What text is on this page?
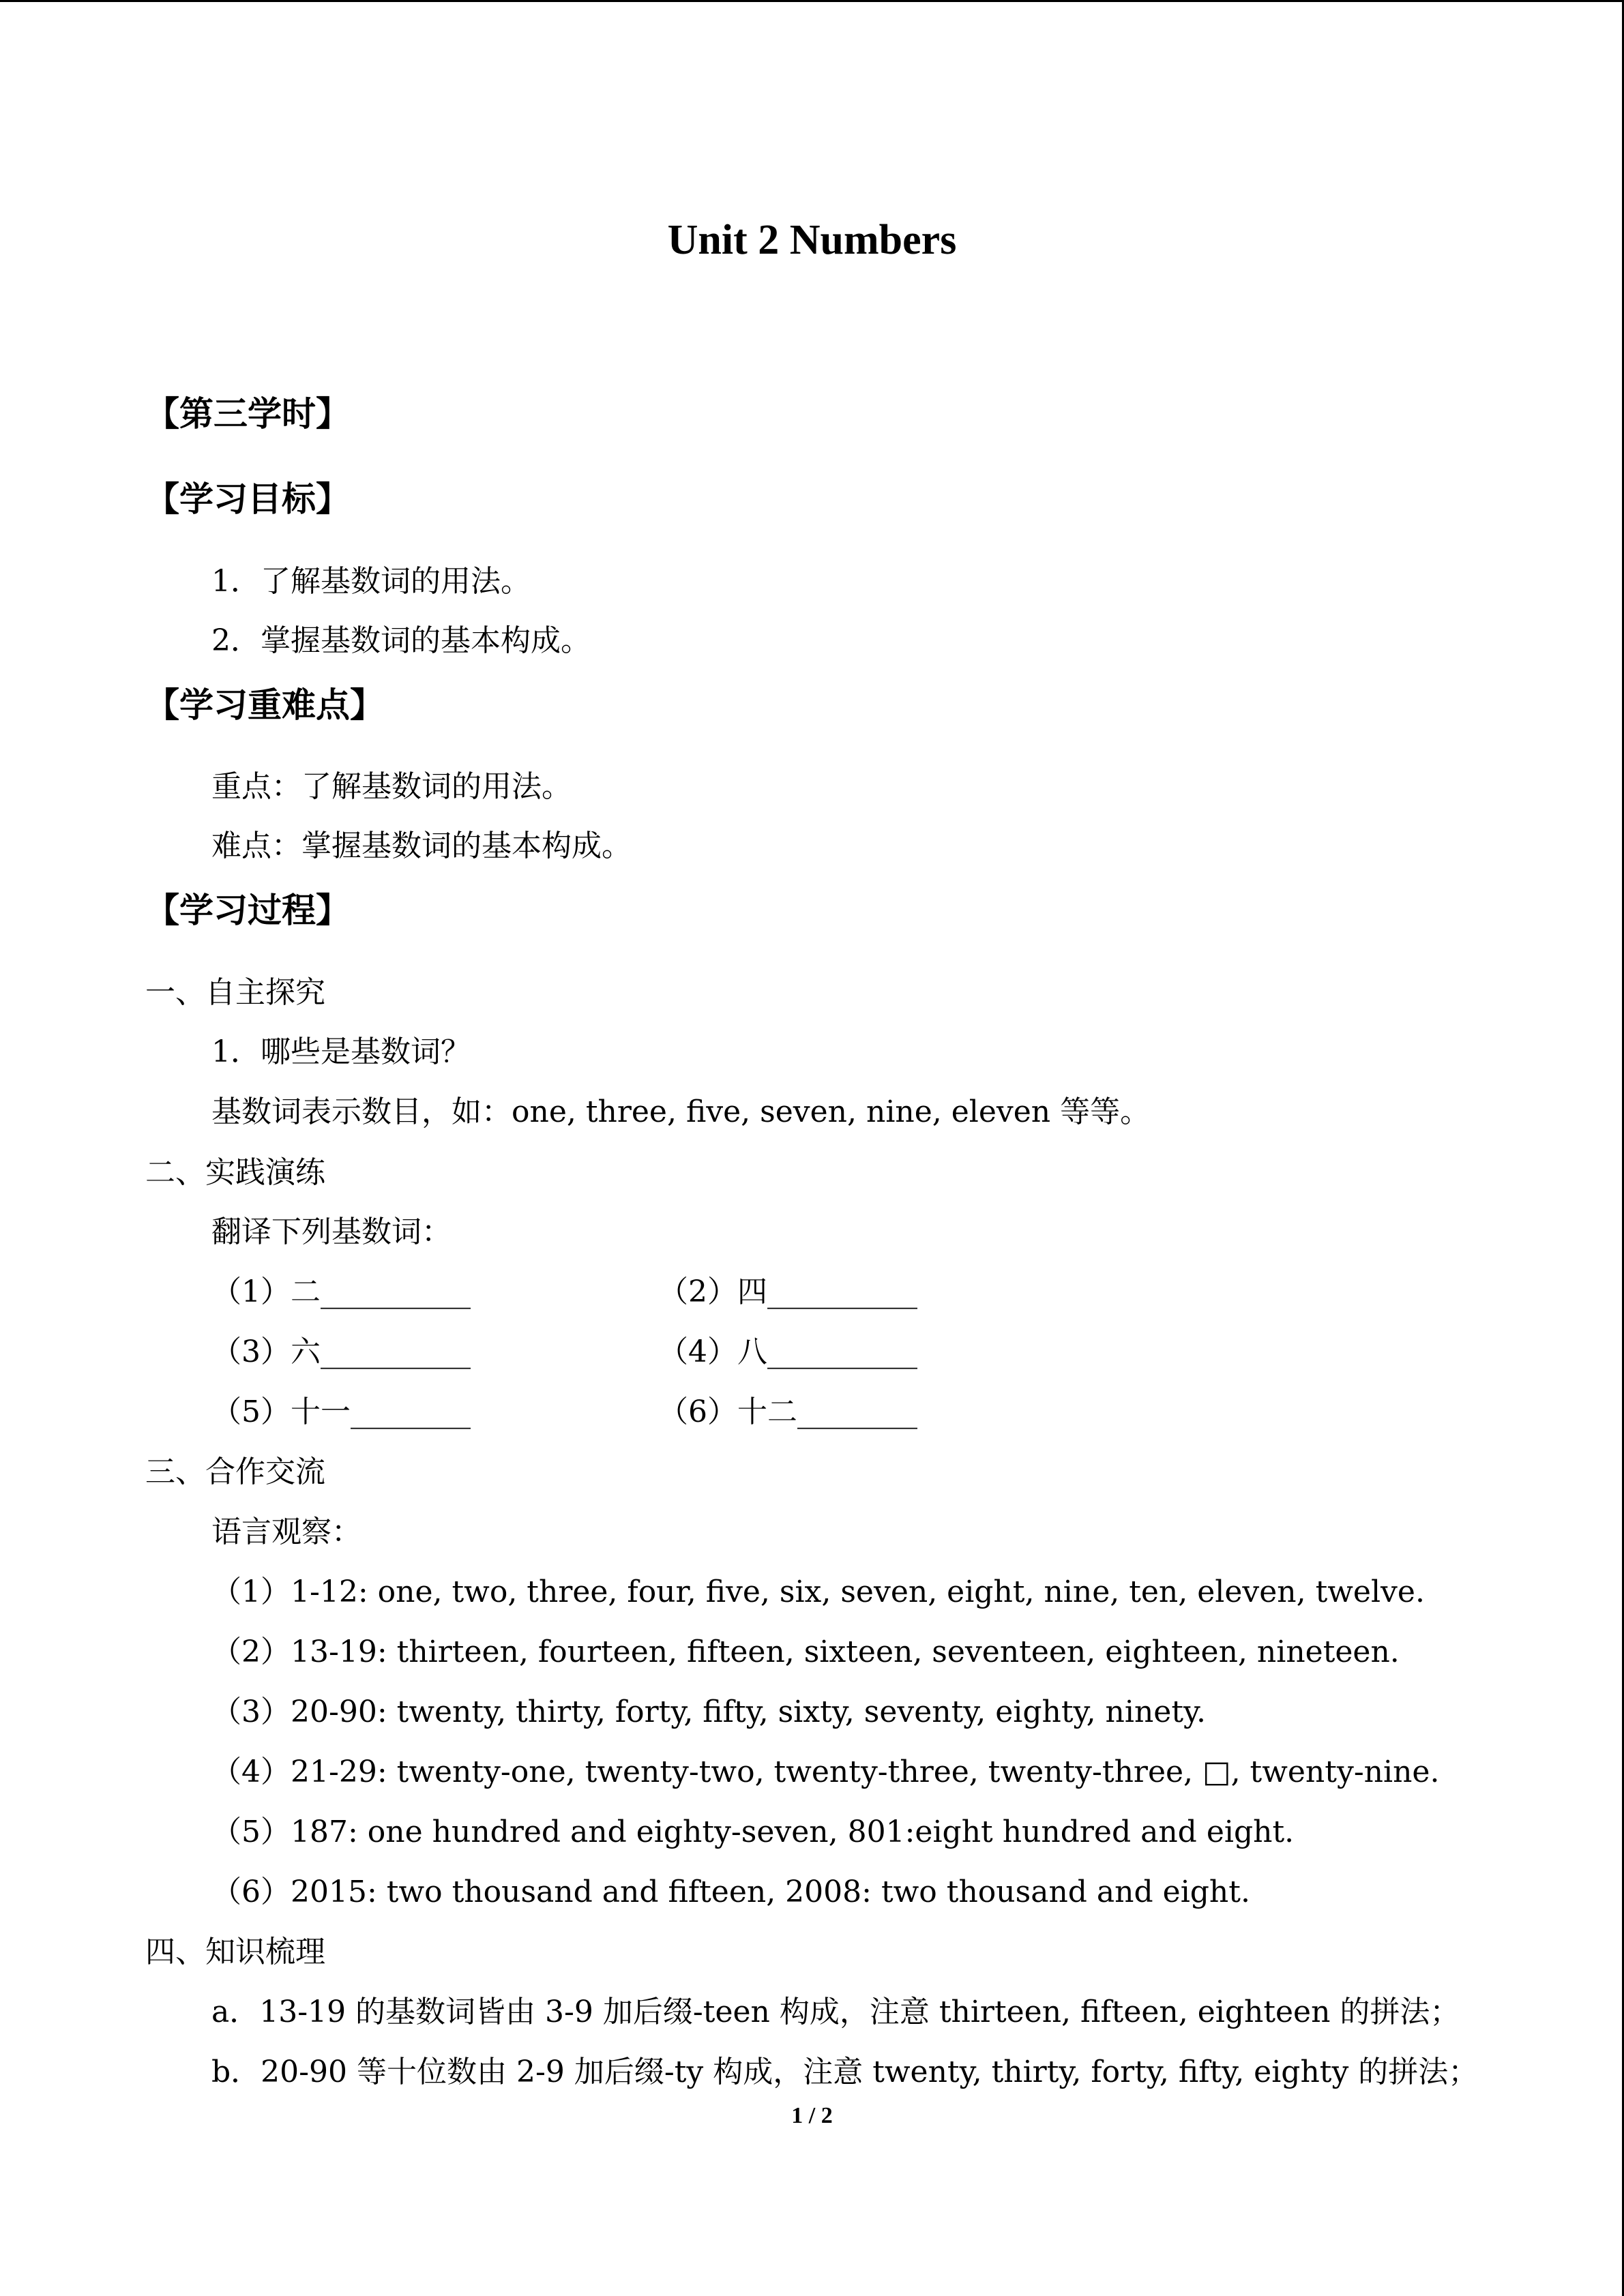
Unit 2 Numbers
【第三学时】
【学习目标】
1．了解基数词的用法。
2．掌握基数词的基本构成。
【学习重难点】
重点：了解基数词的用法。
难点：掌握基数词的基本构成。
【学习过程】
一、自主探究
1．哪些是基数词？
基数词表示数目，如：one, three, five, seven, nine, eleven 等等。
二、实践演练
翻译下列基数词：
（1）二__________	（2）四__________
（3）六__________	（4）八__________
（5）十一________	（6）十二________
三、合作交流
语言观察：
（1）1-12: one, two, three, four, five, six, seven, eight, nine, ten, eleven, twelve.
（2）13-19: thirteen, fourteen, fifteen, sixteen, seventeen, eighteen, nineteen.
（3）20-90: twenty, thirty, forty, fifty, sixty, seventy, eighty, ninety.
（4）21-29: twenty-one, twenty-two, twenty-three, twenty-three, □, twenty-nine.
（5）187: one hundred and eighty-seven, 801:eight hundred and eight.
（6）2015: two thousand and fifteen, 2008: two thousand and eight.
四、知识梳理
a．13-19 的基数词皆由 3-9 加后缀-teen 构成，注意 thirteen, fifteen, eighteen 的拼法；
b．20-90 等十位数由 2-9 加后缀-ty 构成，注意 twenty, thirty, forty, fifty, eighty 的拼法；
1 / 2
